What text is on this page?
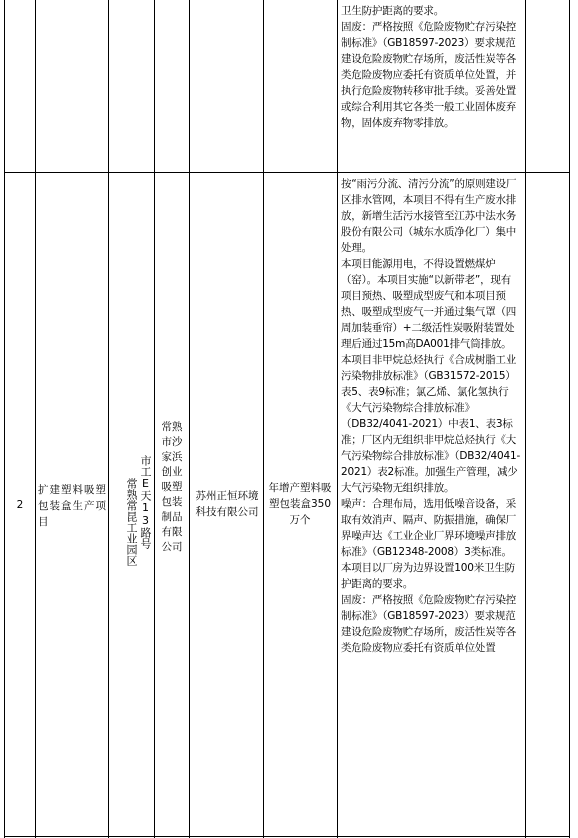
卫生防护距离的要求。

固废：严格按照《危险废物贮存污染控制标准》（GB18597-2023）要求规范建设危险废物贮存场所，废活性炭等各类危险废物应委托有资质单位处置，并执行危险废物转移审批手续。妥善处置或综合利用其它各类一般工业固体废弃物，固体废弃物零排放。

2
扩建塑料吸塑包装盒生产项目	常熟常昆工业园区 市工E天13路号
常熟市沙家浜创业吸塑包装制品有限公司
苏州正恒环境科技有限公司
年增产塑料吸塑包装盒350万个

按“雨污分流、清污分流”的原则建设厂区排水管网，本项目不得有生产废水排放，新增生活污水接管至江苏中法水务股份有限公司（城东水质净化厂）集中处理。

本项目能源用电，不得设置燃煤炉（窑）。本项目实施“以新带老”，现有项目预热、吸塑成型废气和本项目预热、吸塑成型废气一并通过集气罩（四周加装垂帘）+二级活性炭吸附装置处理后通过15m高DA001排气筒排放。本项目非甲烷总烃执行《合成树脂工业污染物排放标准》（GB31572-2015）表5、表9标准；氯乙烯、氯化氢执行《大气污染物综合排放标准》（DB32/4041-2021）中表1、表3标准；厂区内无组织非甲烷总烃执行《大气污染物综合排放标准》（DB32/4041-2021）表2标准。加强生产管理，减少大气污染物无组织排放。

噪声：合理布局，选用低噪音设备，采取有效消声、隔声、防振措施，确保厂界噪声达《工业企业厂界环境噪声排放标准》（GB12348-2008）3类标准。

本项目以厂房为边界设置100米卫生防护距离的要求。

固废：严格按照《危险废物贮存污染控制标准》（GB18597-2023）要求规范建设危险废物贮存场所，废活性炭等各类危险废物应委托有资质单位处置
